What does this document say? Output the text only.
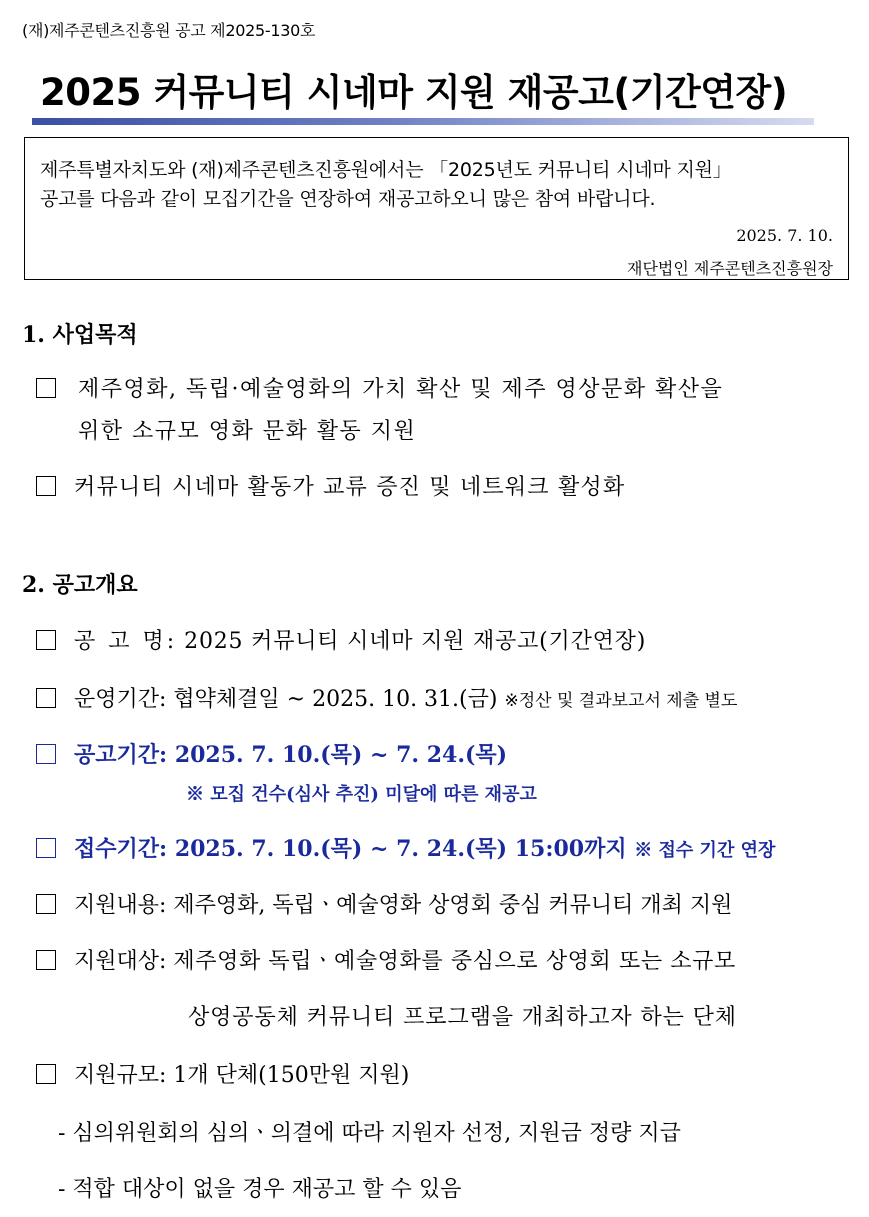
(재)제주콘텐츠진흥원 공고 제2025-130호
2025 커뮤니티 시네마 지원 재공고(기간연장)
제주특별자치도와 (재)제주콘텐츠진흥원에서는 「2025년도 커뮤니티 시네마 지원」
공고를 다음과 같이 모집기간을 연장하여 재공고하오니 많은 참여 바랍니다.
2025. 7. 10.
재단법인 제주콘텐츠진흥원장
1. 사업목적
제주영화, 독립·예술영화의 가치 확산 및 제주 영상문화 확산을
위한 소규모 영화 문화 활동 지원
커뮤니티 시네마 활동가 교류 증진 및 네트워크 활성화
2. 공고개요
공 고 명: 2025 커뮤니티 시네마 지원 재공고(기간연장)
운영기간: 협약체결일 ~ 2025. 10. 31.(금) ※정산 및 결과보고서 제출 별도
공고기간: 2025. 7. 10.(목) ~ 7. 24.(목)
※ 모집 건수(심사 추진) 미달에 따른 재공고
접수기간: 2025. 7. 10.(목) ~ 7. 24.(목) 15:00까지 ※ 접수 기간 연장
지원내용: 제주영화, 독립ㆍ예술영화 상영회 중심 커뮤니티 개최 지원
지원대상: 제주영화 독립ㆍ예술영화를 중심으로 상영회 또는 소규모
상영공동체 커뮤니티 프로그램을 개최하고자 하는 단체
지원규모: 1개 단체(150만원 지원)
- 심의위원회의 심의ㆍ의결에 따라 지원자 선정, 지원금 정량 지급
- 적합 대상이 없을 경우 재공고 할 수 있음
